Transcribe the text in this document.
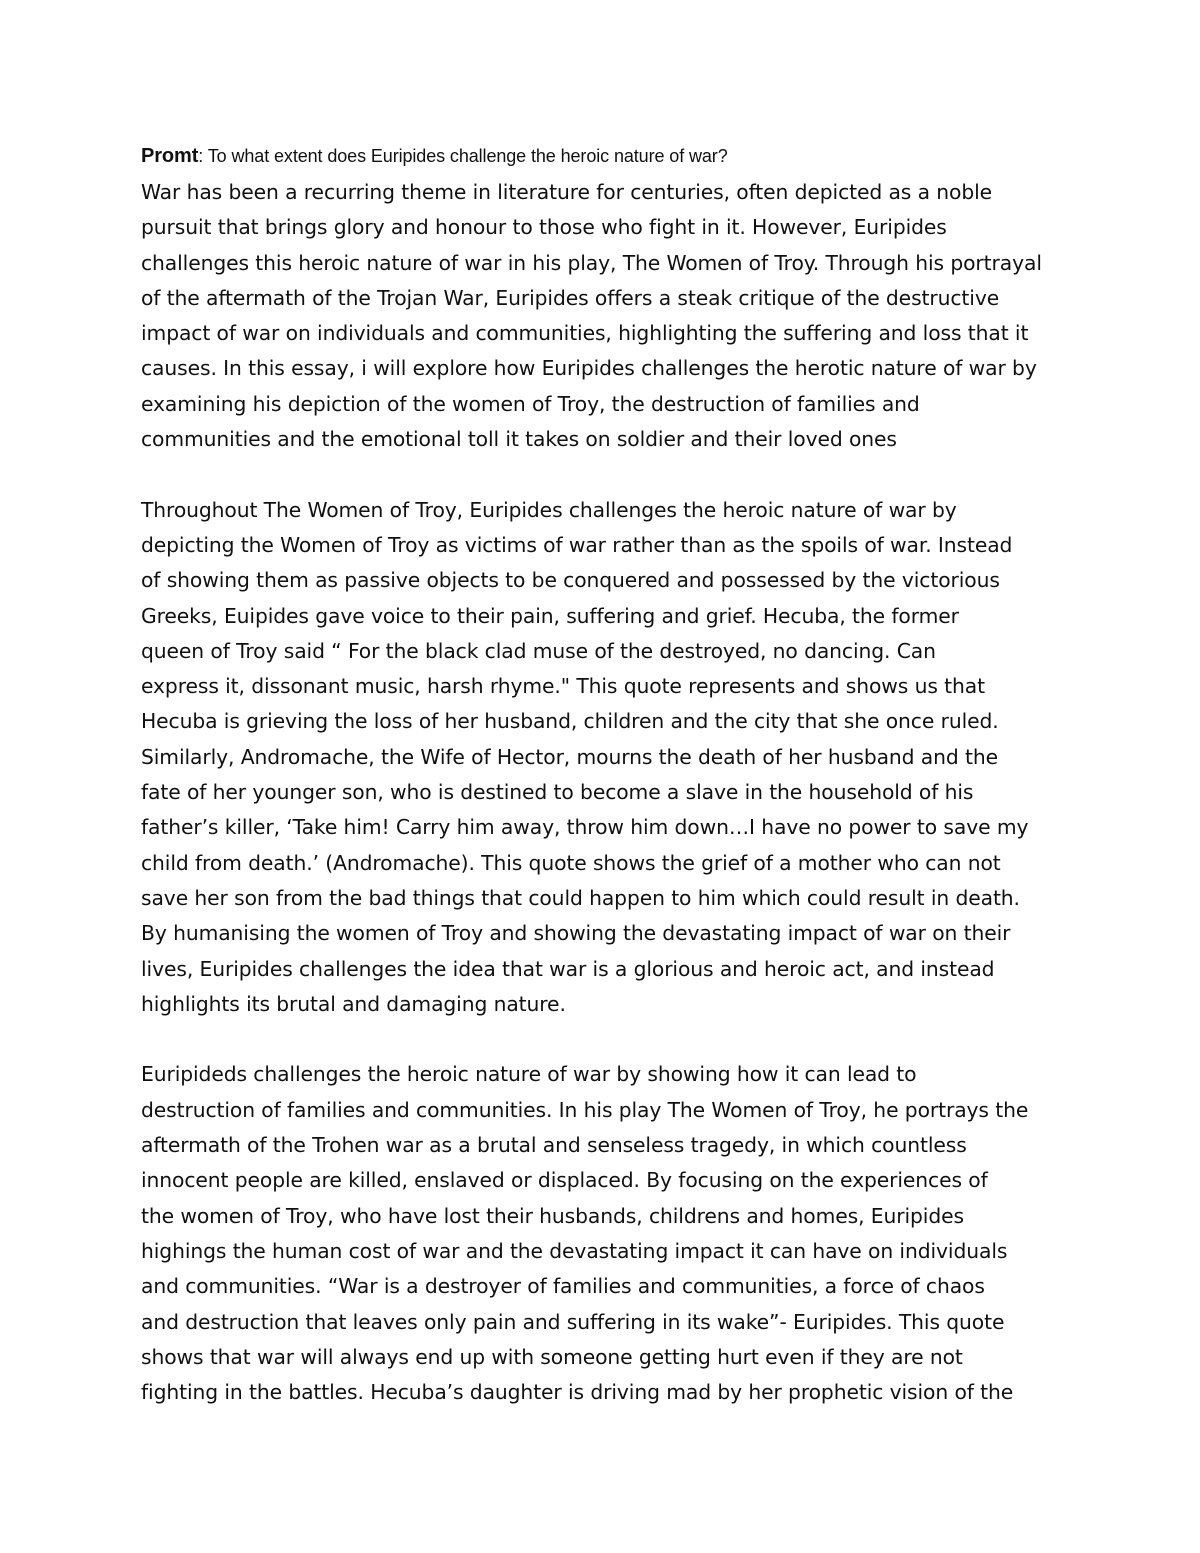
Promt: To what extent does Euripides challenge the heroic nature of war?
War has been a recurring theme in literature for centuries, often depicted as a noble
pursuit that brings glory and honour to those who fight in it. However, Euripides
challenges this heroic nature of war in his play, The Women of Troy. Through his portrayal
of the aftermath of the Trojan War, Euripides offers a steak critique of the destructive
impact of war on individuals and communities, highlighting the suffering and loss that it
causes. In this essay, i will explore how Euripides challenges the herotic nature of war by
examining his depiction of the women of Troy, the destruction of families and
communities and the emotional toll it takes on soldier and their loved ones
Throughout The Women of Troy, Euripides challenges the heroic nature of war by
depicting the Women of Troy as victims of war rather than as the spoils of war. Instead
of showing them as passive objects to be conquered and possessed by the victorious
Greeks, Euipides gave voice to their pain, suffering and grief. Hecuba, the former
queen of Troy said “ For the black clad muse of the destroyed, no dancing. Can
express it, dissonant music, harsh rhyme." This quote represents and shows us that
Hecuba is grieving the loss of her husband, children and the city that she once ruled.
Similarly, Andromache, the Wife of Hector, mourns the death of her husband and the
fate of her younger son, who is destined to become a slave in the household of his
father’s killer, ‘Take him! Carry him away, throw him down…I have no power to save my
child from death.’ (Andromache). This quote shows the grief of a mother who can not
save her son from the bad things that could happen to him which could result in death.
By humanising the women of Troy and showing the devastating impact of war on their
lives, Euripides challenges the idea that war is a glorious and heroic act, and instead
highlights its brutal and damaging nature.
Euripideds challenges the heroic nature of war by showing how it can lead to
destruction of families and communities. In his play The Women of Troy, he portrays the
aftermath of the Trohen war as a brutal and senseless tragedy, in which countless
innocent people are killed, enslaved or displaced. By focusing on the experiences of
the women of Troy, who have lost their husbands, childrens and homes, Euripides
highings the human cost of war and the devastating impact it can have on individuals
and communities. “War is a destroyer of families and communities, a force of chaos
and destruction that leaves only pain and suffering in its wake”- Euripides. This quote
shows that war will always end up with someone getting hurt even if they are not
fighting in the battles. Hecuba’s daughter is driving mad by her prophetic vision of the
